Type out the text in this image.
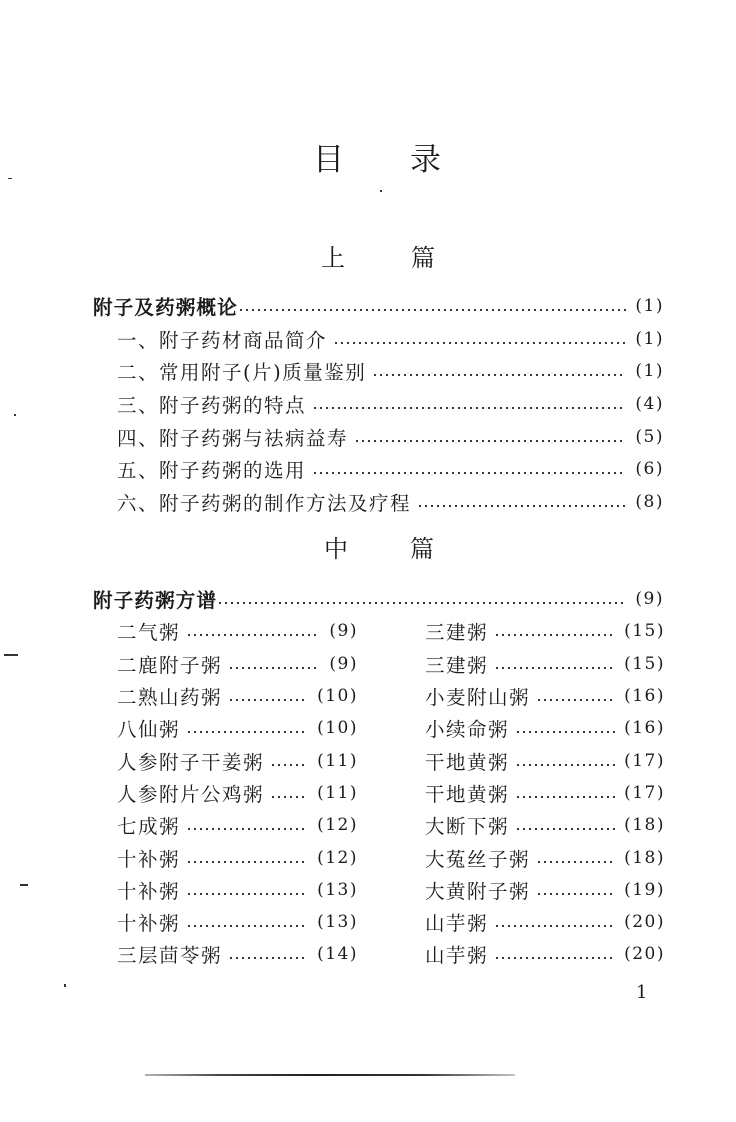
目录
上篇
附子及药粥概论	(1)
一、附子药材商品简介	(1)
二、常用附子(片)质量鉴别	(1)
三、附子药粥的特点	(4)
四、附子药粥与祛病益寿	(5)
五、附子药粥的选用	(6)
六、附子药粥的制作方法及疗程	(8)
中篇
附子药粥方谱	(9)
二气粥	(9)
二鹿附子粥	(9)
二熟山药粥	(10)
八仙粥	(10)
人参附子干姜粥	(11)
人参附片公鸡粥	(11)
七成粥	(12)
十补粥	(12)
十补粥	(13)
十补粥	(13)
三层茴苓粥	(14)
三建粥	(15)
三建粥	(15)
小麦附山粥	(16)
小续命粥	(16)
干地黄粥	(17)
干地黄粥	(17)
大断下粥	(18)
大菟丝子粥	(18)
大黄附子粥	(19)
山芋粥	(20)
山芋粥	(20)
1
